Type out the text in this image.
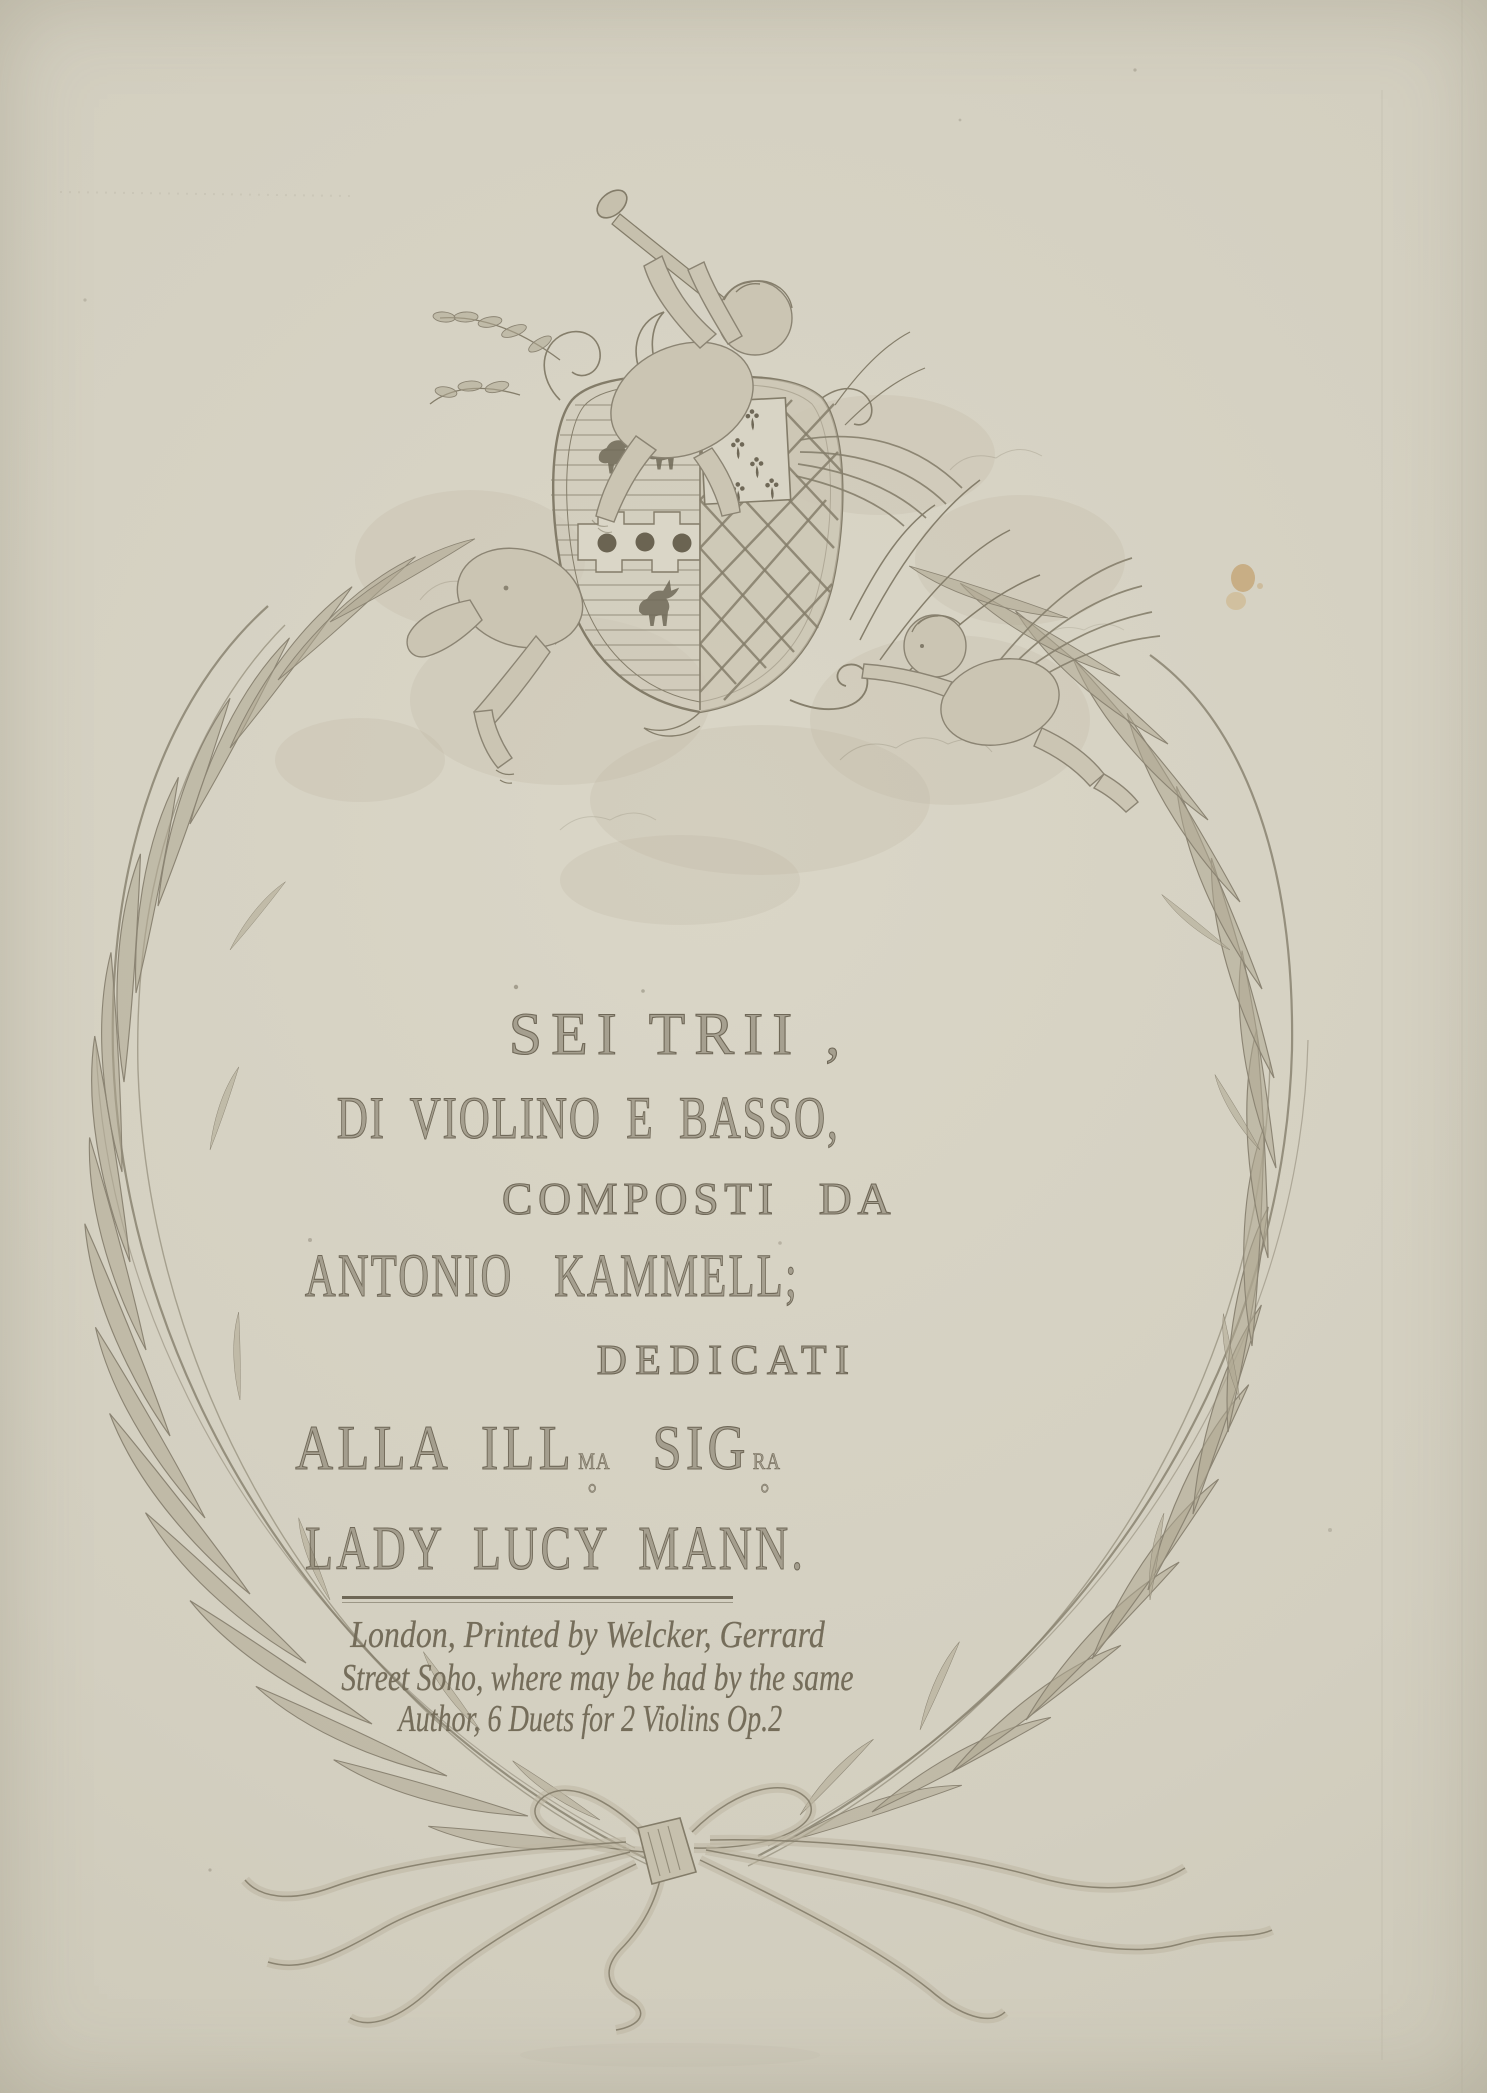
SEI TRII ,
DI VIOLINO E BASSO,
COMPOSTI DA
ANTONIO KAMMELL;
DEDICATI
ALLA ILL MA
°
SIG RA
°
LADY LUCY MANN.
London, Printed by Welcker, Gerrard
Street Soho, where may be had by the same
Author, 6 Duets for 2 Violins Op.2
